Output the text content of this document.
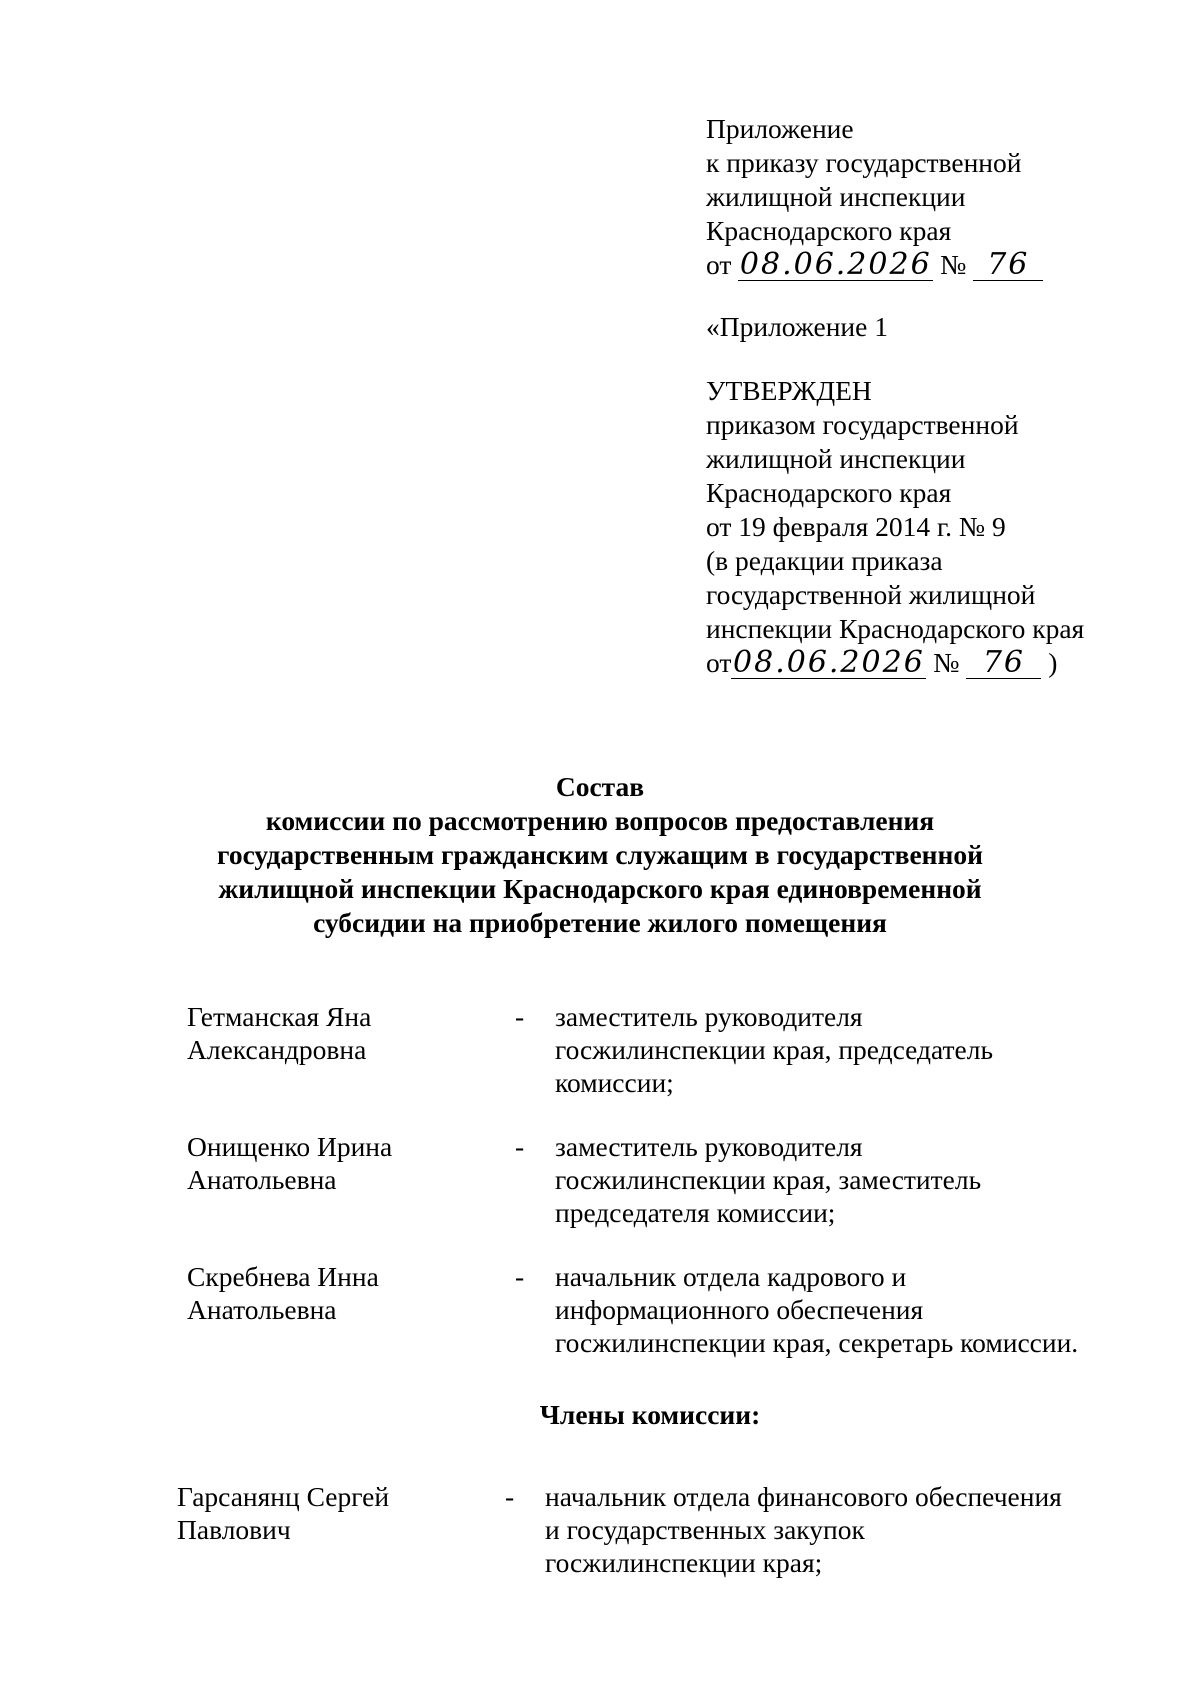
Приложение
к приказу государственной
жилищной инспекции
Краснодарского края
от 08.06.2026 № 76
«Приложение 1
УТВЕРЖДЕН
приказом государственной
жилищной инспекции
Краснодарского края
от 19 февраля 2014 г. № 9
(в редакции приказа
государственной жилищной
инспекции Краснодарского края
от08.06.2026 № 76 )
Состав
комиссии по рассмотрению вопросов предоставления
государственным гражданским служащим в государственной
жилищной инспекции Краснодарского края единовременной
субсидии на приобретение жилого помещения
Гетманская Яна
Александровна
- заместитель руководителя
госжилинспекции края, председатель
комиссии;
Онищенко Ирина
Анатольевна
- заместитель руководителя
госжилинспекции края, заместитель
председателя комиссии;
Скребнева Инна
Анатольевна
- начальник отдела кадрового и
информационного обеспечения
госжилинспекции края, секретарь комиссии.
Члены комиссии:
Гарсанянц Сергей
Павлович
- начальник отдела финансового обеспечения
и государственных закупок
госжилинспекции края;
